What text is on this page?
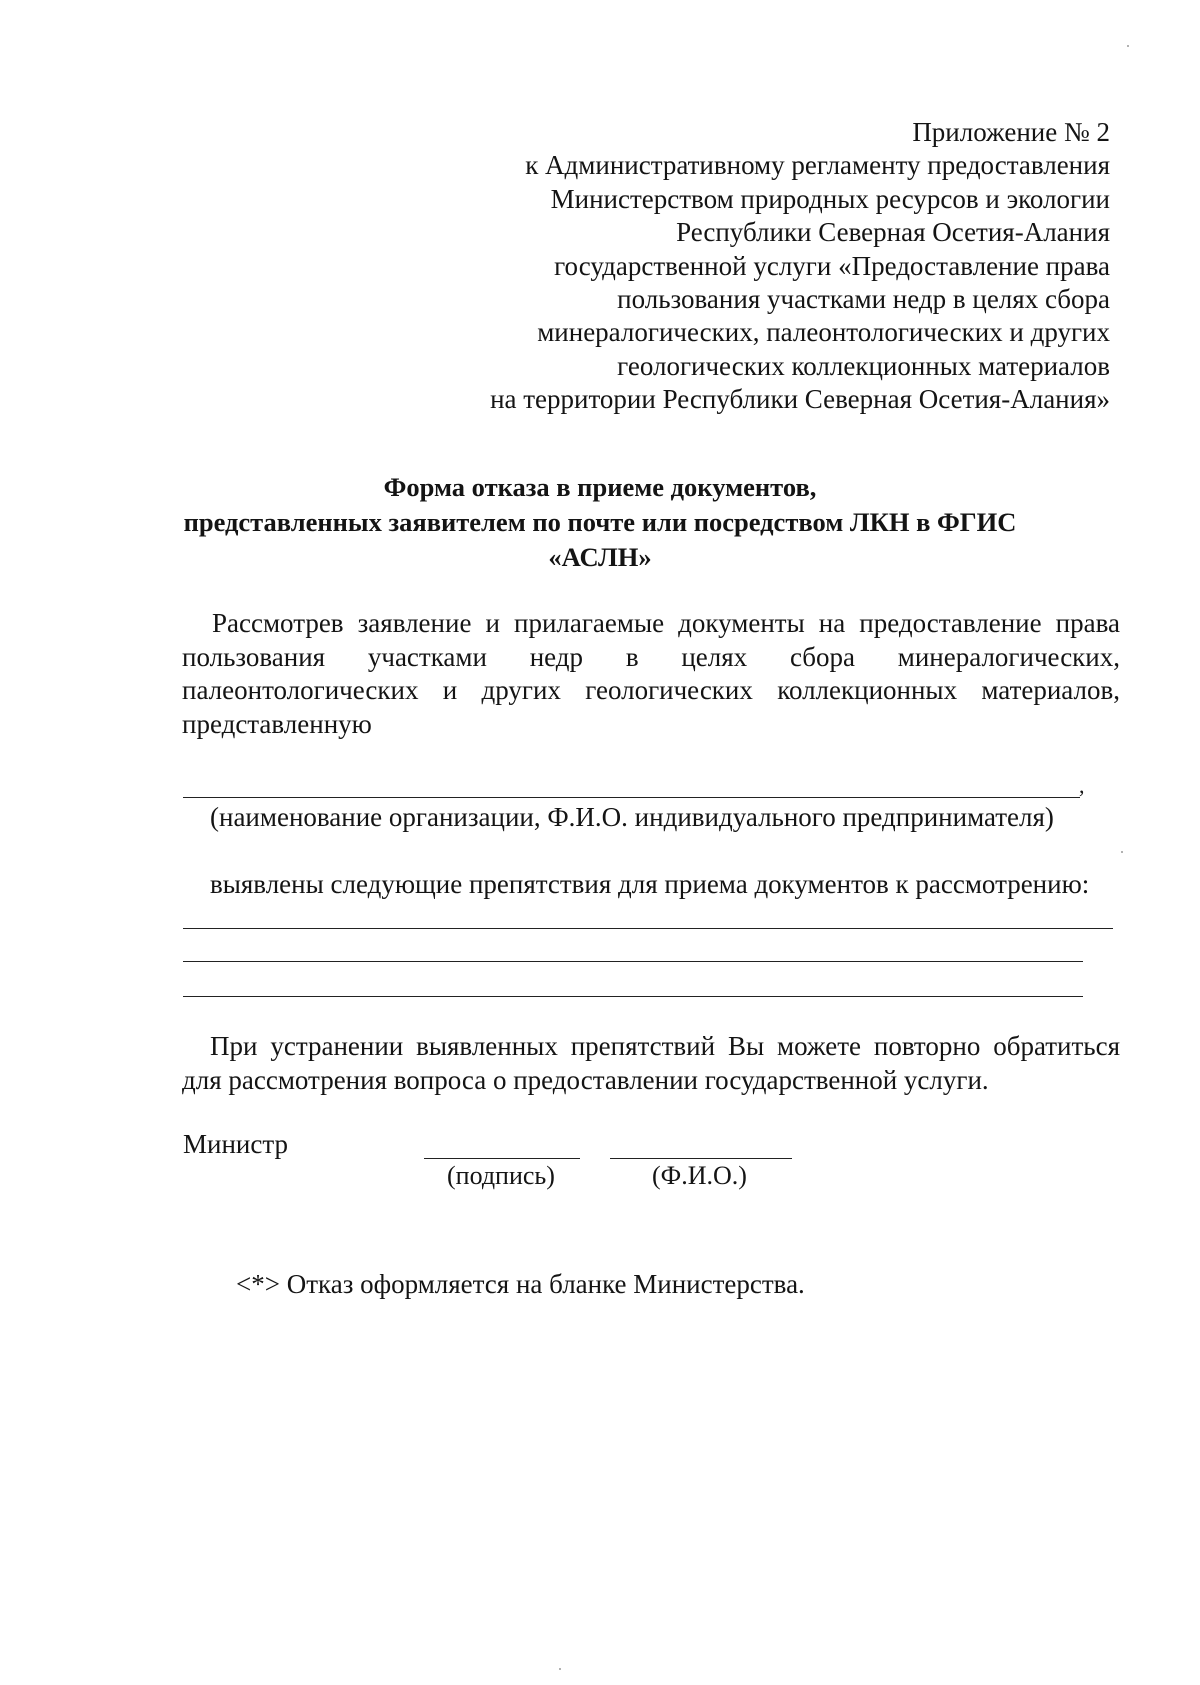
Приложение № 2
к Административному регламенту предоставления
Министерством природных ресурсов и экологии
Республики Северная Осетия-Алания
государственной услуги «Предоставление права
пользования участками недр в целях сбора
минералогических, палеонтологических и других
геологических коллекционных материалов
на территории Республики Северная Осетия-Алания»
Форма отказа в приеме документов,
представленных заявителем по почте или посредством ЛКН в ФГИС
«АСЛН»
Рассмотрев заявление и прилагаемые документы на предоставление права пользования участками недр в целях сбора минералогических, палеонтологических и других геологических коллекционных материалов, представленную
,
(наименование организации, Ф.И.О. индивидуального предпринимателя)
выявлены следующие препятствия для приема документов к рассмотрению:
При устранении выявленных препятствий Вы можете повторно обратиться для рассмотрения вопроса о предоставлении государственной услуги.
Министр
(подпись)	(Ф.И.О.)
<*> Отказ оформляется на бланке Министерства.
